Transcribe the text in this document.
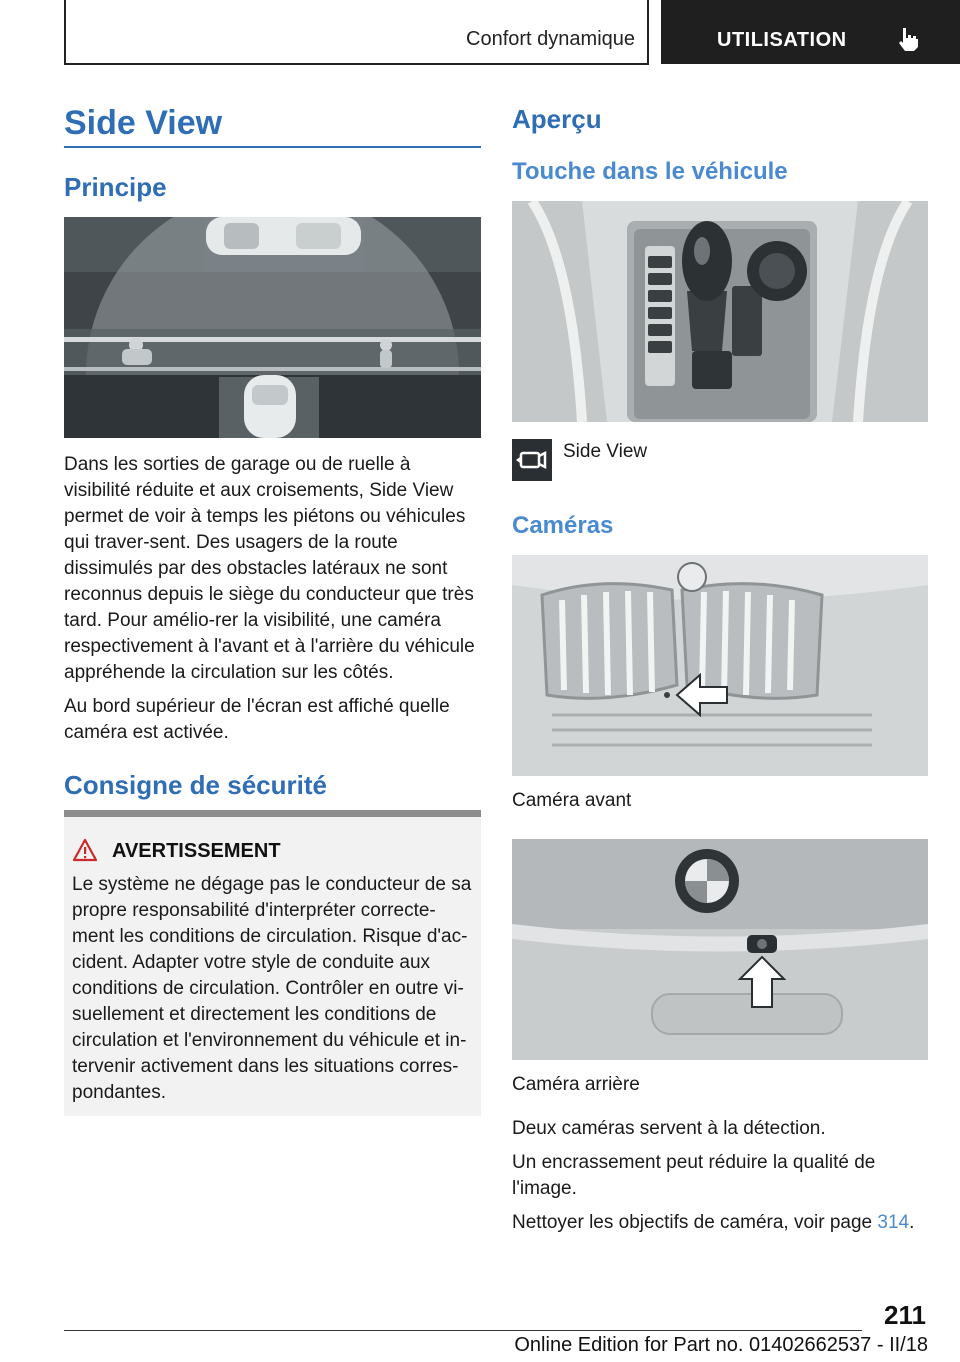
Confort dynamique	UTILISATION
Side View
Principe

Dans les sorties de garage ou de ruelle à visibilité réduite et aux croisements, Side View permet de voir à temps les piétons ou véhicules qui traver-sent. Des usagers de la route dissimulés par des obstacles latéraux ne sont reconnus depuis le siège du conducteur que très tard. Pour amélio-rer la visibilité, une caméra respectivement à l'avant et à l'arrière du véhicule appréhende la circulation sur les côtés.

Au bord supérieur de l'écran est affiché quelle caméra est activée.

Consigne de sécurité
AVERTISSEMENT
Le système ne dégage pas le conducteur de sa propre responsabilité d'interpréter correcte-ment les conditions de circulation. Risque d'ac-cident. Adapter votre style de conduite aux conditions de circulation. Contrôler en outre vi-suellement et directement les conditions de circulation et l'environnement du véhicule et in-tervenir activement dans les situations corres-pondantes.
Aperçu
Touche dans le véhicule
Side View
Caméras
Caméra avant
Caméra arrière

Deux caméras servent à la détection.

Un encrassement peut réduire la qualité de l'image.

Nettoyer les objectifs de caméra, voir page 314.

211
Online Edition for Part no. 01402662537 - II/18
